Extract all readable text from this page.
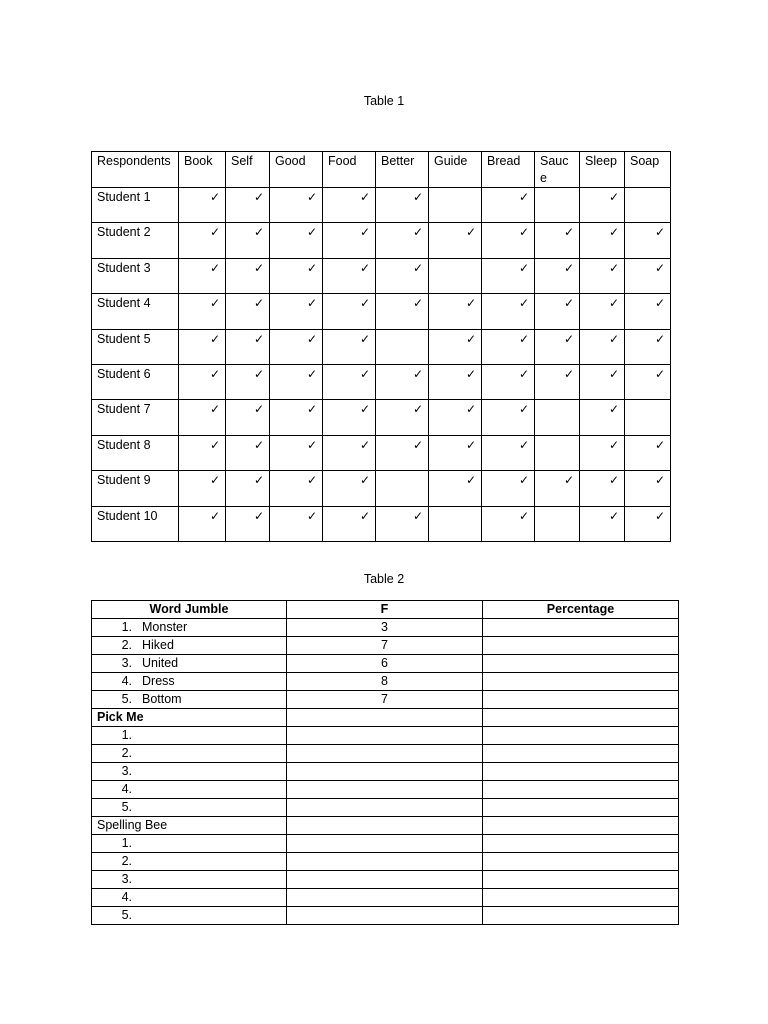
Table 1
Respondents	Book	Self	Good	Food	Better	Guide	Bread	Sauc e	Sleep	Soap
Student 1	✓	✓	✓	✓	✓		✓		✓	
Student 2	✓	✓	✓	✓	✓	✓	✓	✓	✓	✓
Student 3	✓	✓	✓	✓	✓		✓	✓	✓	✓
Student 4	✓	✓	✓	✓	✓	✓	✓	✓	✓	✓
Student 5	✓	✓	✓	✓		✓	✓	✓	✓	✓
Student 6	✓	✓	✓	✓	✓	✓	✓	✓	✓	✓
Student 7	✓	✓	✓	✓	✓	✓	✓		✓	
Student 8	✓	✓	✓	✓	✓	✓	✓		✓	✓
Student 9	✓	✓	✓	✓		✓	✓	✓	✓	✓
Student 10	✓	✓	✓	✓	✓		✓		✓	✓
Table 2
Word Jumble	F	Percentage
1. Monster	3	
2. Hiked	7	
3. United	6	
4. Dress	8	
5. Bottom	7	
Pick Me		
1.		
2.		
3.		
4.		
5.		
Spelling Bee		
1.		
2.		
3.		
4.		
5.		
